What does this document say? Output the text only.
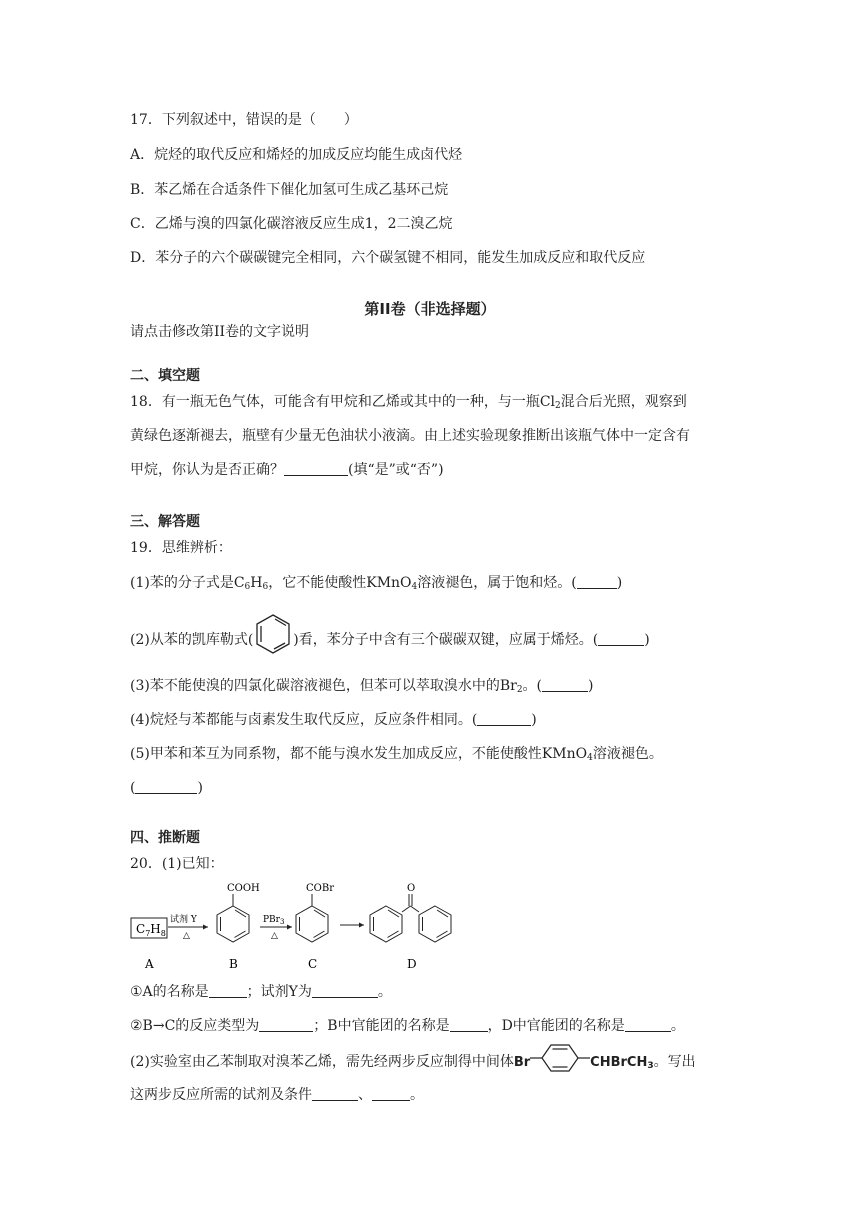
17．下列叙述中，错误的是（　　）
A．烷烃的取代反应和烯烃的加成反应均能生成卤代烃
B．苯乙烯在合适条件下催化加氢可生成乙基环己烷
C．乙烯与溴的四氯化碳溶液反应生成1，2二溴乙烷
D．苯分子的六个碳碳键完全相同，六个碳氢键不相同，能发生加成反应和取代反应
第II卷（非选择题）
请点击修改第II卷的文字说明
二、填空题
18．有一瓶无色气体，可能含有甲烷和乙烯或其中的一种，与一瓶$Cl_2$混合后光照，观察到
黄绿色逐渐褪去，瓶壁有少量无色油状小液滴。由上述实验现象推断出该瓶气体中一定含有
甲烷，你认为是否正确？	(填“是”或“否”)
三、解答题
19．思维辨析：
(1)苯的分子式是$C_6H_6$，它不能使酸性KMnO$_4$溶液褪色，属于饱和烃。(	)
(2)从苯的凯库勒式(	)看，苯分子中含有三个碳碳双键，应属于烯烃。(	)
(3)苯不能使溴的四氯化碳溶液褪色，但苯可以萃取溴水中的$Br_2$。(	)
(4)烷烃与苯都能与卤素发生取代反应，反应条件相同。(	)
(5)甲苯和苯互为同系物，都不能与溴水发生加成反应，不能使酸性KMnO$_4$溶液褪色。
(	)
四、推断题
20．(1)已知：
$C_7H_8$
试剂 Y
△
COOH
PBr$_3$
△
COBr	O
A	B	C	D
①A的名称是	；试剂Y为	。
②B→C的反应类型为	；B中官能团的名称是	，D中官能团的名称是	。
(2)实验室由乙苯制取对溴苯乙烯，需先经两步反应制得中间体Br	CHBrCH$_3$。写出
这两步反应所需的试剂及条件	、	。
